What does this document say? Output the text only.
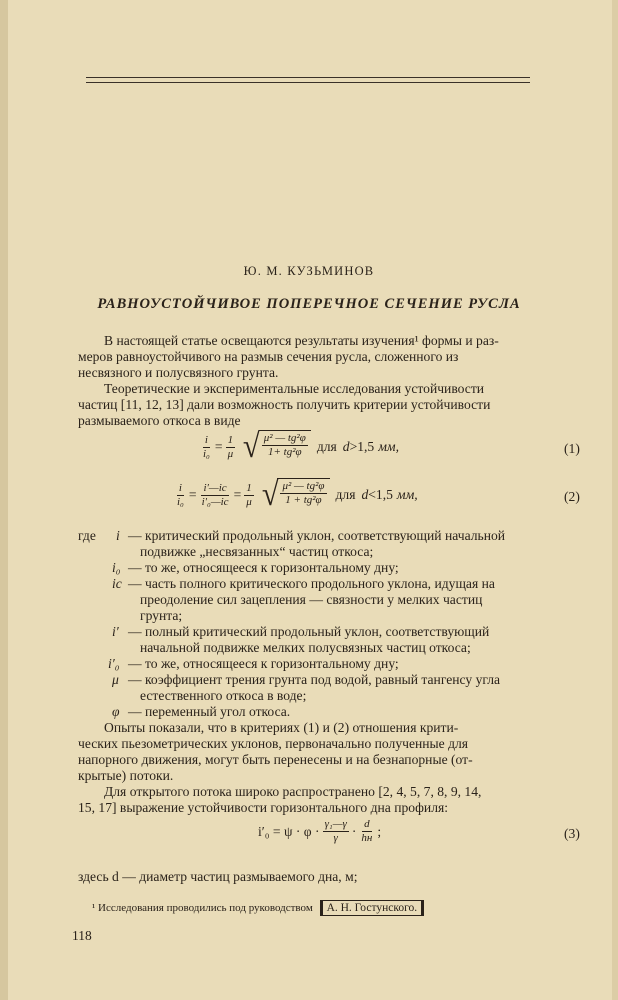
Ю. М. КУЗЬМИНОВ
РАВНОУСТОЙЧИВОЕ ПОПЕРЕЧНОЕ СЕЧЕНИЕ РУСЛА
В настоящей статье освещаются результаты изучения¹ формы и раз-
меров равноустойчивого на размыв сечения русла, сложенного из
несвязного и полусвязного грунта.
Теоретические и экспериментальные исследования устойчивости
частиц [11, 12, 13] дали возможность получить критерии устойчивости
размываемого откоса в виде
$\frac{i}{\text{i₀}} = \frac{1}{\mu}$ √ $\frac{\text{μ² — tg²φ}}{\text{1+ tg²φ}}$ для d >1,5 мм,	(1)
$\frac{i}{\text{i₀}} = \frac{i'—iс}{\text{i′₀—iс}} = \frac{1}{\mu}$ √ $\frac{\text{μ² — tg²φ}}{\text{1 + tg²φ}}$ для d <1,5 мм,	(2)
где i — критический продольный уклон, соответствующий начальной
подвижке „несвязанных“ частиц откоса;
i₀ — то же, относящееся к горизонтальному дну;
iс — часть полного критического продольного уклона, идущая на
преодоление сил зацепления — связности у мелких частиц
грунта;
i′ — полный критический продольный уклон, соответствующий
начальной подвижке мелких полусвязных частиц откоса;
i′₀ — то же, относящееся к горизонтальному дну;
μ — коэффициент трения грунта под водой, равный тангенсу угла
естественного откоса в воде;
φ — переменный угол откоса.
Опыты показали, что в критериях (1) и (2) отношения крити-
ческих пьезометрических уклонов, первоначально полученные для
напорного движения, могут быть перенесены и на безнапорные (от-
крытые) потоки.
Для открытого потока широко распространено [2, 4, 5, 7, 8, 9, 14,
15, 17] выражение устойчивости горизонтального дна профиля:
$i'_0 = \psi \cdot \varphi \cdot \frac{\text{γ₁—γ}}{\gamma} \cdot \frac{d}{hн}$ ;	(3)
здесь d — диаметр частиц размываемого дна, м;
¹ Исследования проводились под руководством А. Н. Гостунского.
118
